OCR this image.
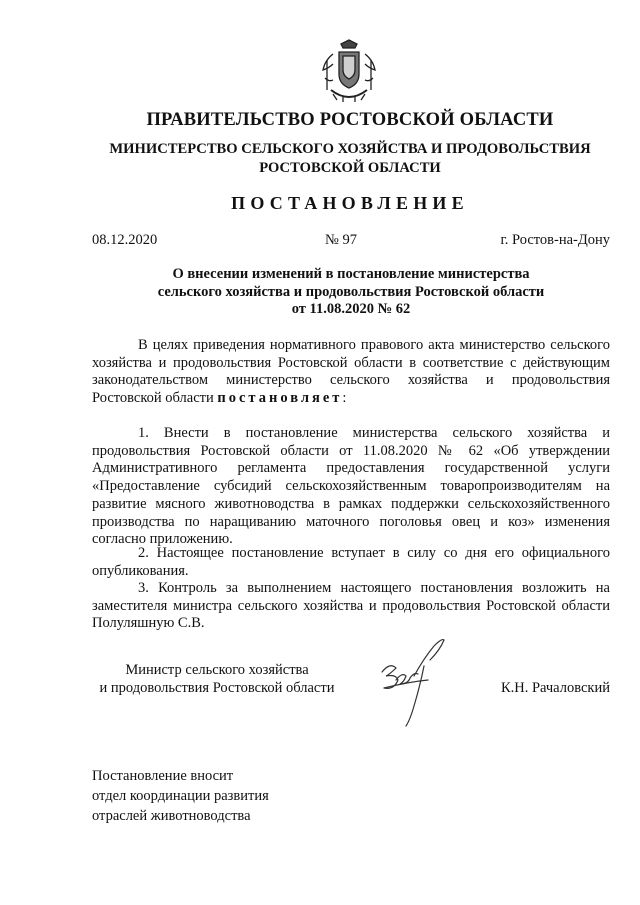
ПРАВИТЕЛЬСТВО РОСТОВСКОЙ ОБЛАСТИ
МИНИСТЕРСТВО СЕЛЬСКОГО ХОЗЯЙСТВА И ПРОДОВОЛЬСТВИЯ
РОСТОВСКОЙ ОБЛАСТИ
ПОСТАНОВЛЕНИЕ
08.12.2020	№ 97	г. Ростов-на-Дону
О внесении изменений в постановление министерства
сельского хозяйства и продовольствия Ростовской области
от 11.08.2020 № 62
В целях приведения нормативного правового акта министерство сельского хозяйства и продовольствия Ростовской области в соответствие с действующим законодательством министерство сельского хозяйства и продовольствия Ростовской области постановляет:
1. Внести в постановление министерства сельского хозяйства и продовольствия Ростовской области от 11.08.2020 № 62 «Об утверждении Административного регламента предоставления государственной услуги «Предоставление субсидий сельскохозяйственным товаропроизводителям на развитие мясного животноводства в рамках поддержки сельскохозяйственного производства по наращиванию маточного поголовья овец и коз» изменения согласно приложению.
2. Настоящее постановление вступает в силу со дня его официального опубликования.
3. Контроль за выполнением настоящего постановления возложить на заместителя министра сельского хозяйства и продовольствия Ростовской области Полуляшную С.В.
Министр сельского хозяйства
и продовольствия Ростовской области	К.Н. Рачаловский
Постановление вносит
отдел координации развития
отраслей животноводства
